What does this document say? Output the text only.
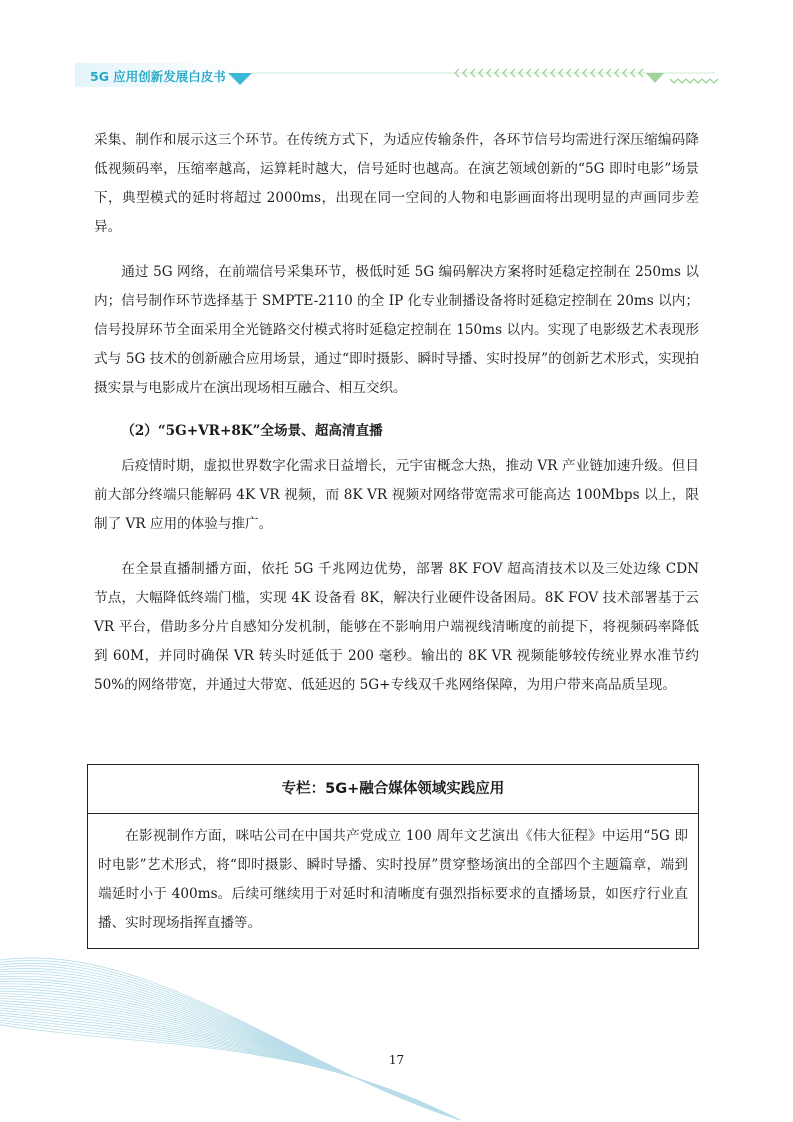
5G 应用创新发展白皮书

采集、制作和展示这三个环节。在传统方式下，为适应传输条件，各环节信号均需进行深压缩编码降低视频码率，压缩率越高，运算耗时越大，信号延时也越高。在演艺领域创新的“5G 即时电影”场景下，典型模式的延时将超过 2000ms，出现在同一空间的人物和电影画面将出现明显的声画同步差异。

通过 5G 网络，在前端信号采集环节，极低时延 5G 编码解决方案将时延稳定控制在 250ms 以内；信号制作环节选择基于 SMPTE-2110 的全 IP 化专业制播设备将时延稳定控制在 20ms 以内；信号投屏环节全面采用全光链路交付模式将时延稳定控制在 150ms 以内。实现了电影级艺术表现形式与 5G 技术的创新融合应用场景，通过“即时摄影、瞬时导播、实时投屏”的创新艺术形式，实现拍摄实景与电影成片在演出现场相互融合、相互交织。

（2）“5G+VR+8K”全场景、超高清直播

后疫情时期，虚拟世界数字化需求日益增长，元宇宙概念大热，推动 VR 产业链加速升级。但目前大部分终端只能解码 4K VR 视频，而 8K VR 视频对网络带宽需求可能高达 100Mbps 以上，限制了 VR 应用的体验与推广。

在全景直播制播方面，依托 5G 千兆网边优势，部署 8K FOV 超高清技术以及三处边缘 CDN 节点，大幅降低终端门槛，实现 4K 设备看 8K，解决行业硬件设备困局。8K FOV 技术部署基于云 VR 平台，借助多分片自感知分发机制，能够在不影响用户端视线清晰度的前提下，将视频码率降低到 60M，并同时确保 VR 转头时延低于 200 毫秒。输出的 8K VR 视频能够较传统业界水准节约 50%的网络带宽，并通过大带宽、低延迟的 5G+专线双千兆网络保障，为用户带来高品质呈现。

专栏：5G+融合媒体领域实践应用
在影视制作方面，咪咕公司在中国共产党成立 100 周年文艺演出《伟大征程》中运用“5G 即时电影”艺术形式，将“即时摄影、瞬时导播、实时投屏”贯穿整场演出的全部四个主题篇章，端到端延时小于 400ms。后续可继续用于对延时和清晰度有强烈指标要求的直播场景，如医疗行业直播、实时现场指挥直播等。
17
